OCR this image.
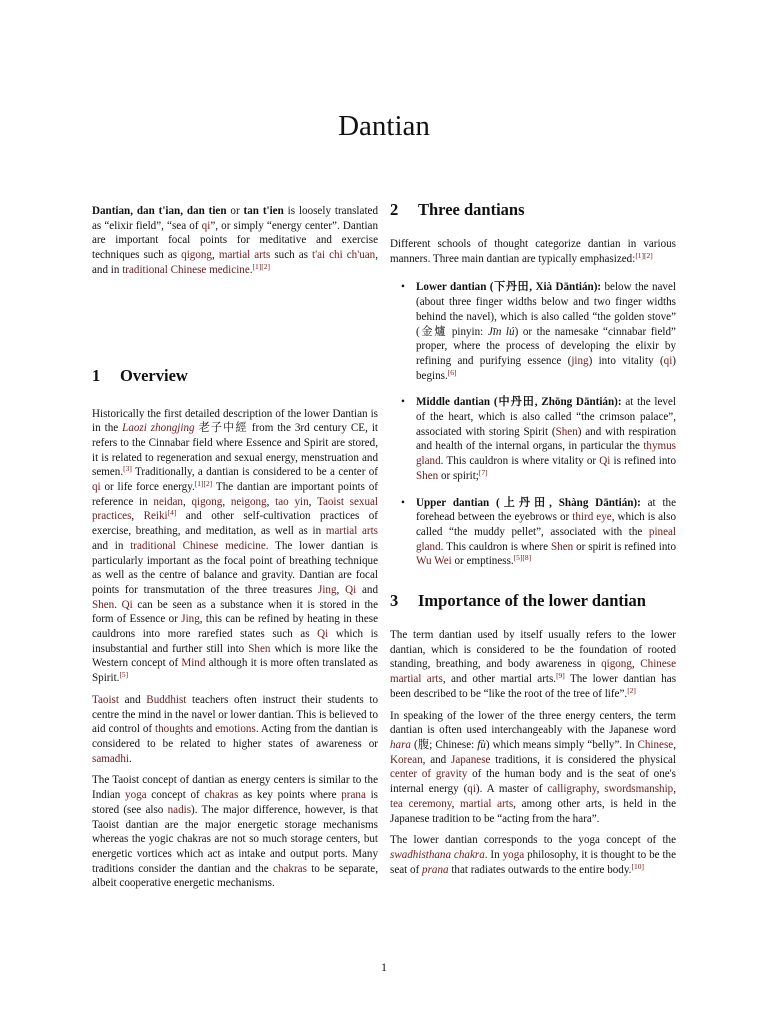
Dantian

Dantian, dan t'ian, dan tien or tan t'ien is loosely translated as “elixir field”, “sea of qi”, or simply “energy center”. Dantian are important focal points for meditative and exercise techniques such as qigong, martial arts such as t'ai chi ch'uan, and in traditional Chinese medicine.[1][2]

1 Overview

Historically the first detailed description of the lower Dantian is in the Laozi zhongjing 老子中經 from the 3rd century CE, it refers to the Cinnabar field where Essence and Spirit are stored, it is related to regeneration and sexual energy, menstruation and semen.[3] Traditionally, a dantian is considered to be a center of qi or life force energy.[1][2] The dantian are important points of reference in neidan, qigong, neigong, tao yin, Taoist sexual practices, Reiki[4] and other self-cultivation practices of exercise, breathing, and meditation, as well as in martial arts and in traditional Chinese medicine. The lower dantian is particularly important as the focal point of breathing technique as well as the centre of balance and gravity. Dantian are focal points for transmutation of the three treasures Jing, Qi and Shen. Qi can be seen as a substance when it is stored in the form of Essence or Jing, this can be refined by heating in these cauldrons into more rarefied states such as Qi which is insubstantial and further still into Shen which is more like the Western concept of Mind although it is more often translated as Spirit.[5]

Taoist and Buddhist teachers often instruct their students to centre the mind in the navel or lower dantian. This is believed to aid control of thoughts and emotions. Acting from the dantian is considered to be related to higher states of awareness or samadhi.

The Taoist concept of dantian as energy centers is similar to the Indian yoga concept of chakras as key points where prana is stored (see also nadis). The major difference, however, is that Taoist dantian are the major energetic storage mechanisms whereas the yogic chakras are not so much storage centers, but energetic vortices which act as intake and output ports. Many traditions consider the dantian and the chakras to be separate, albeit cooperative energetic mechanisms.

2 Three dantians

Different schools of thought categorize dantian in various manners. Three main dantian are typically emphasized:[1][2]

• Lower dantian (下丹田, Xià Dāntián): below the navel (about three finger widths below and two finger widths behind the navel), which is also called “the golden stove” (金爐 pinyin: Jīn lú) or the namesake “cinnabar field” proper, where the process of developing the elixir by refining and purifying essence (jing) into vitality (qi) begins.[6]
• Middle dantian (中丹田, Zhōng Dāntián): at the level of the heart, which is also called “the crimson palace”, associated with storing Spirit (Shen) and with respiration and health of the internal organs, in particular the thymus gland. This cauldron is where vitality or Qi is refined into Shen or spirit;[7]
• Upper dantian (上丹田, Shàng Dāntián): at the forehead between the eyebrows or third eye, which is also called “the muddy pellet”, associated with the pineal gland. This cauldron is where Shen or spirit is refined into Wu Wei or emptiness.[5][8]
3 Importance of the lower dantian

The term dantian used by itself usually refers to the lower dantian, which is considered to be the foundation of rooted standing, breathing, and body awareness in qigong, Chinese martial arts, and other martial arts.[9] The lower dantian has been described to be “like the root of the tree of life”.[2]

In speaking of the lower of the three energy centers, the term dantian is often used interchangeably with the Japanese word hara (腹; Chinese: fù) which means simply “belly”. In Chinese, Korean, and Japanese traditions, it is considered the physical center of gravity of the human body and is the seat of one's internal energy (qi). A master of calligraphy, swordsmanship, tea ceremony, martial arts, among other arts, is held in the Japanese tradition to be “acting from the hara”.

The lower dantian corresponds to the yoga concept of the swadhisthana chakra. In yoga philosophy, it is thought to be the seat of prana that radiates outwards to the entire body.[10]

1
